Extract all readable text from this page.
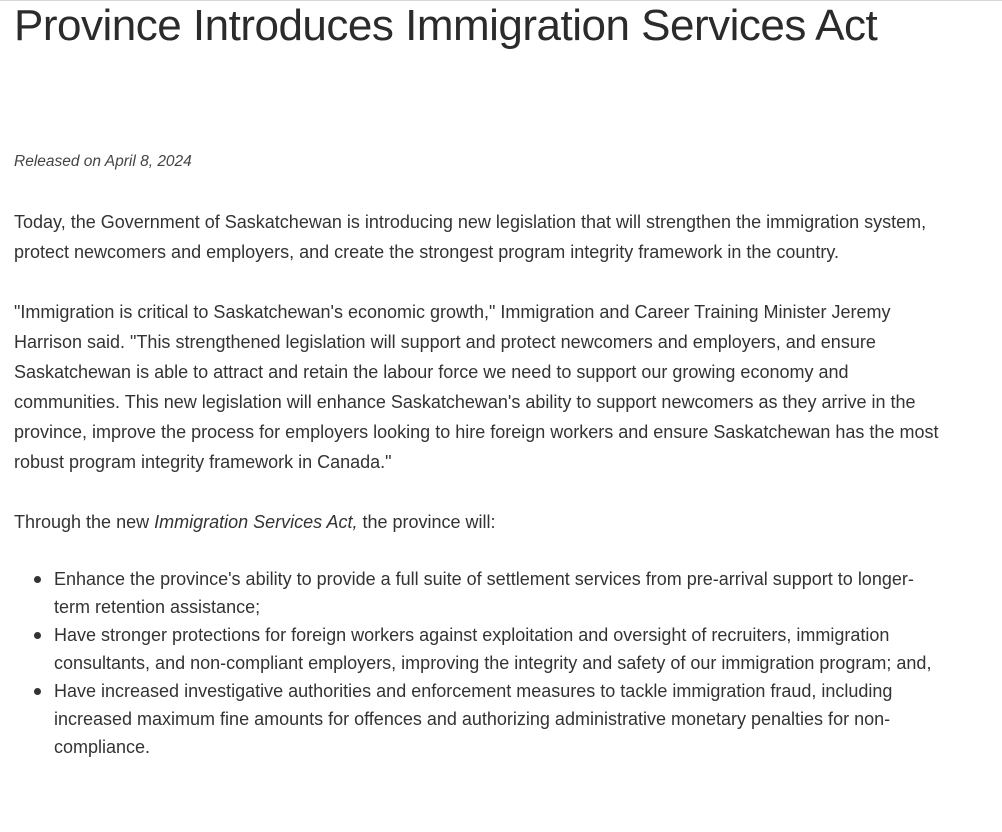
Province Introduces Immigration Services Act

Released on April 8, 2024

Today, the Government of Saskatchewan is introducing new legislation that will strengthen the immigration system, protect newcomers and employers, and create the strongest program integrity framework in the country.

"Immigration is critical to Saskatchewan's economic growth," Immigration and Career Training Minister Jeremy Harrison said. "This strengthened legislation will support and protect newcomers and employers, and ensure Saskatchewan is able to attract and retain the labour force we need to support our growing economy and communities. This new legislation will enhance Saskatchewan's ability to support newcomers as they arrive in the province, improve the process for employers looking to hire foreign workers and ensure Saskatchewan has the most robust program integrity framework in Canada."

Through the new Immigration Services Act, the province will:

Enhance the province's ability to provide a full suite of settlement services from pre-arrival support to longer-term retention assistance;
Have stronger protections for foreign workers against exploitation and oversight of recruiters, immigration consultants, and non-compliant employers, improving the integrity and safety of our immigration program; and,
Have increased investigative authorities and enforcement measures to tackle immigration fraud, including increased maximum fine amounts for offences and authorizing administrative monetary penalties for non-compliance.
